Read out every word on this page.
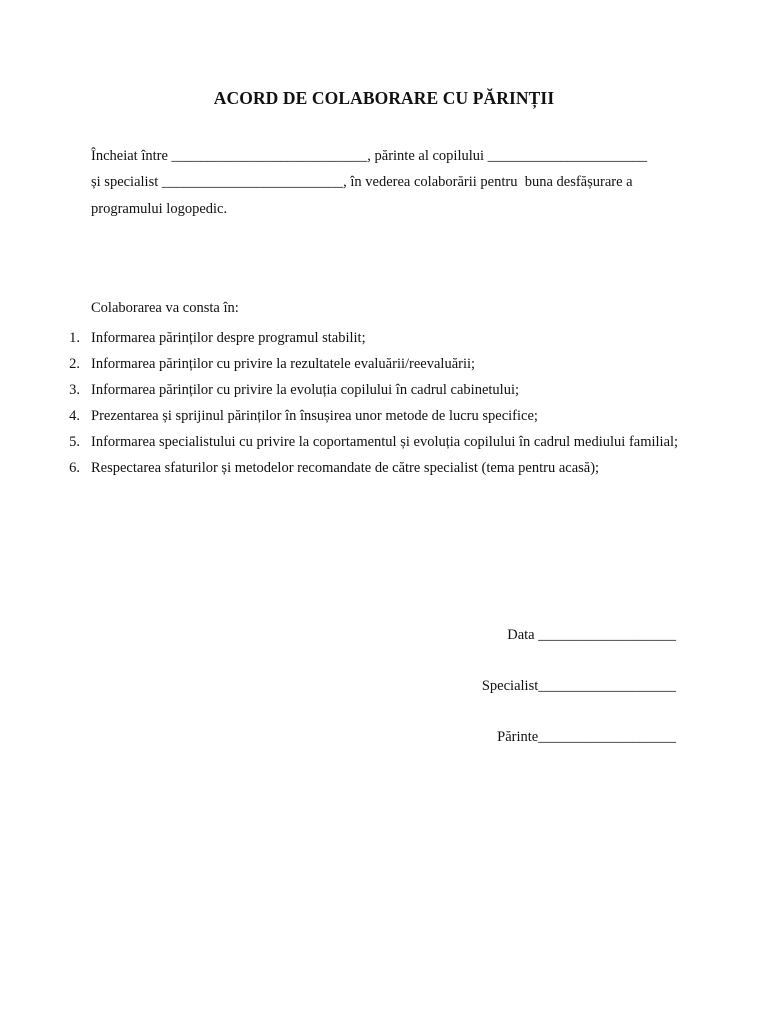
ACORD DE COLABORARE CU PĂRINȚII
Încheiat între ___________________________, părinte al copilului ______________________
și specialist _________________________, în vederea colaborării pentru  buna desfășurare a
programului logopedic.
Colaborarea va consta în:
1. Informarea părinților despre programul stabilit;
2. Informarea părinților cu privire la rezultatele evaluării/reevaluării;
3. Informarea părinților cu privire la evoluția copilului în cadrul cabinetului;
4. Prezentarea și sprijinul părinților în însușirea unor metode de lucru specifice;
5. Informarea specialistului cu privire la coportamentul și evoluția copilului în cadrul mediului familial;
6. Respectarea sfaturilor și metodelor recomandate de către specialist (tema pentru acasă);
Data ___________________
Specialist___________________
Părinte___________________
